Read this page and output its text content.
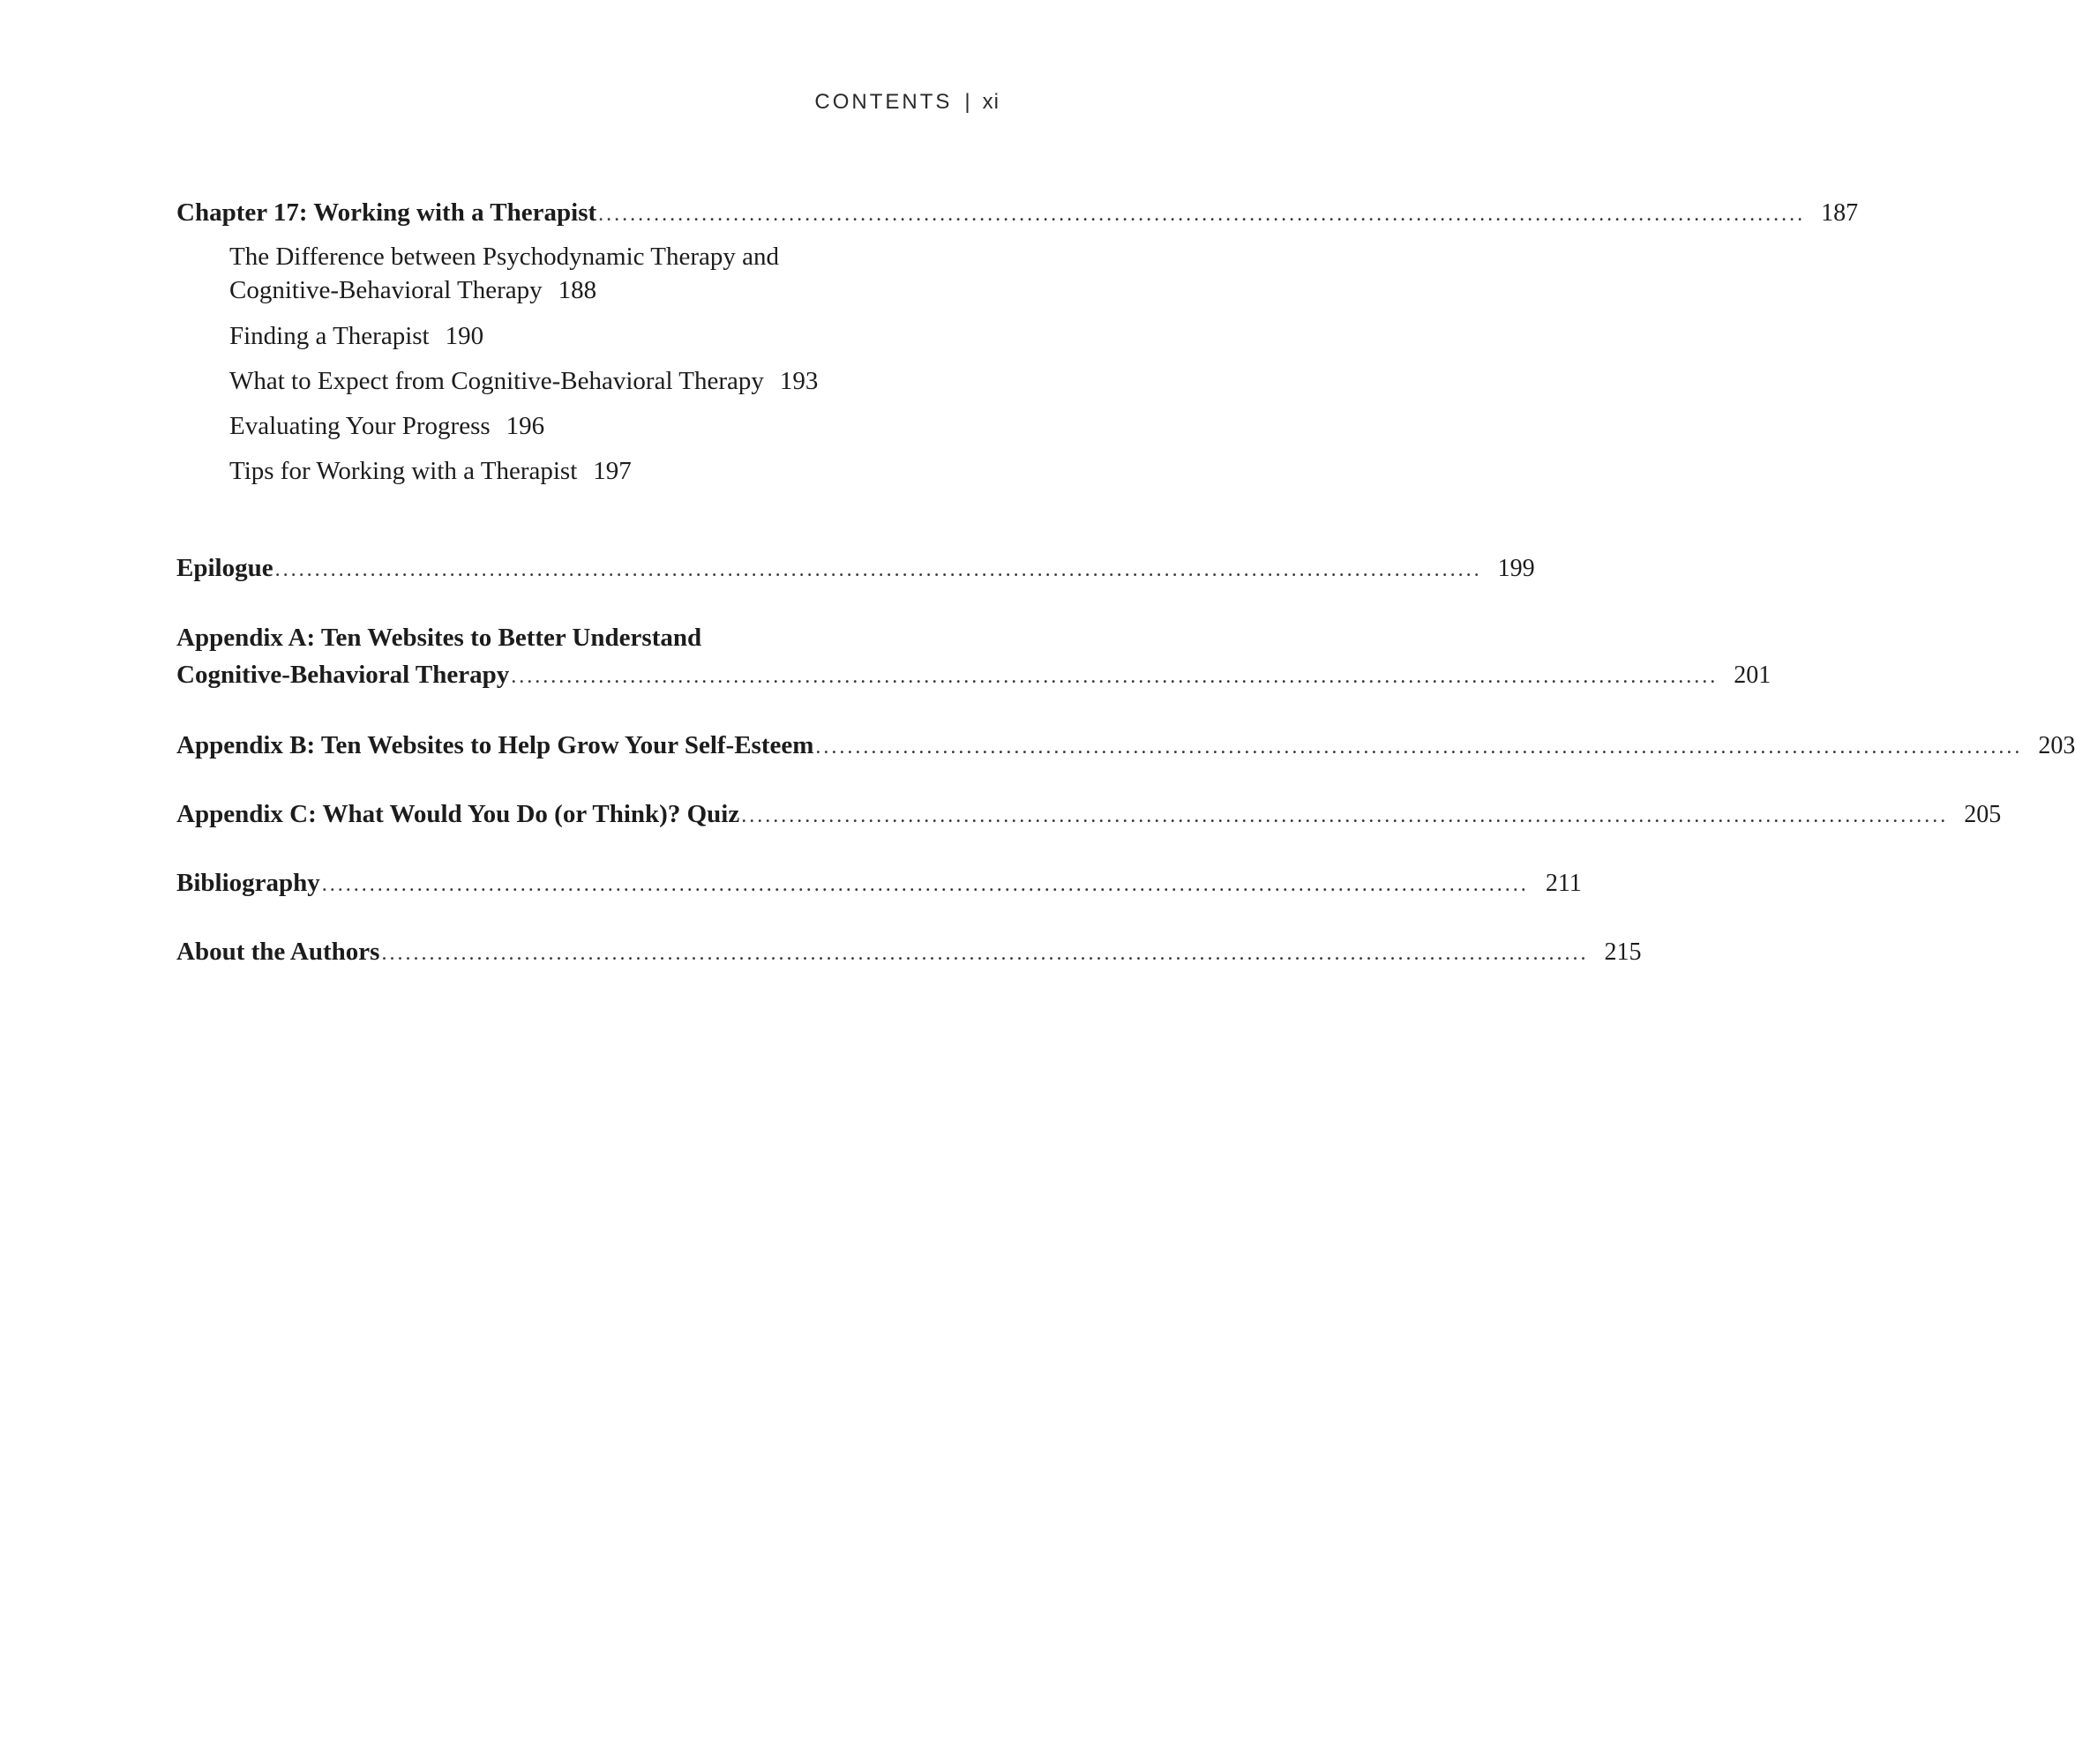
CONTENTS | xi
Chapter 17: Working with a Therapist ........................................................................................................................................................ 187
The Difference between Psychodynamic Therapy and
Cognitive-Behavioral Therapy 188
Finding a Therapist 190
What to Expect from Cognitive-Behavioral Therapy 193
Evaluating Your Progress 196
Tips for Working with a Therapist 197
Epilogue ........................................................................................................................................................ 199
Appendix A: Ten Websites to Better Understand
Cognitive-Behavioral Therapy ........................................................................................................................................................ 201
Appendix B: Ten Websites to Help Grow Your Self-Esteem ........................................................................................................................................................ 203
Appendix C: What Would You Do (or Think)? Quiz ........................................................................................................................................................ 205
Bibliography ........................................................................................................................................................ 211
About the Authors ........................................................................................................................................................ 215
